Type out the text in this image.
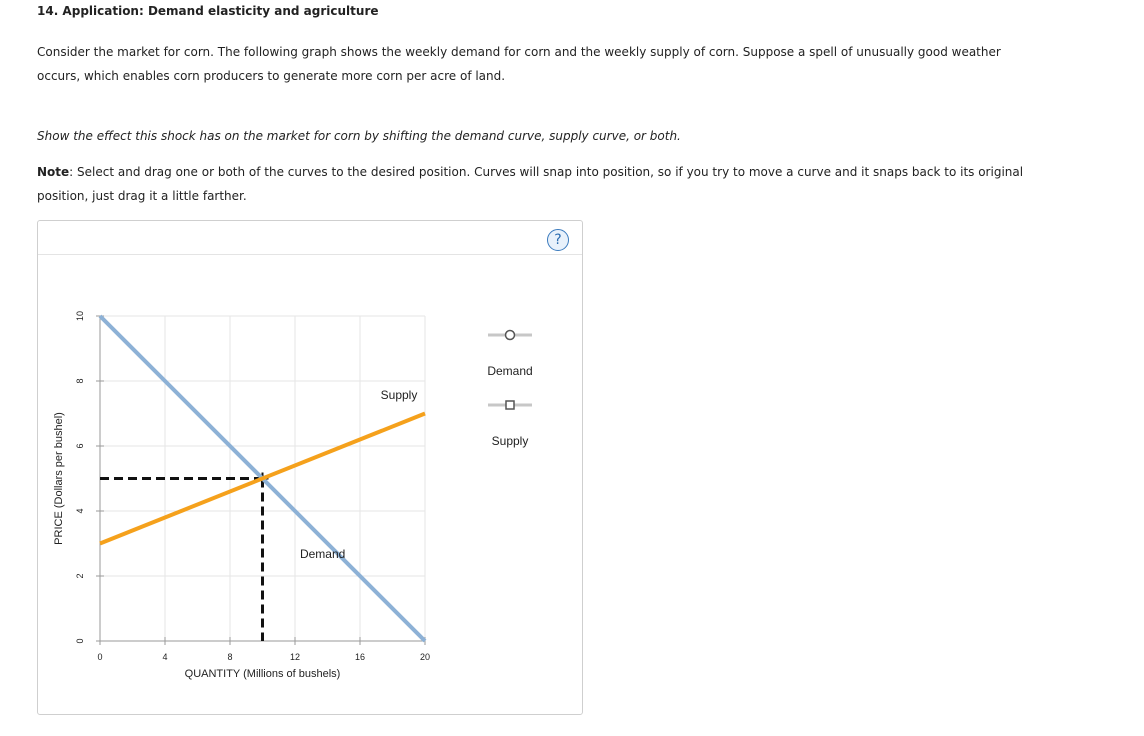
14. Application: Demand elasticity and agriculture
Consider the market for corn. The following graph shows the weekly demand for corn and the weekly supply of corn. Suppose a spell of unusually good weather occurs, which enables corn producers to generate more corn per acre of land.
Show the effect this shock has on the market for corn by shifting the demand curve, supply curve, or both.
Note: Select and drag one or both of the curves to the desired position. Curves will snap into position, so if you try to move a curve and it snaps back to its original position, just drag it a little farther.
?
0
2
4
6
8
10
0	4	8	12	16	20
QUANTITY (Millions of bushels)
PRICE (Dollars per bushel)
Demand
Supply
Demand
Supply
